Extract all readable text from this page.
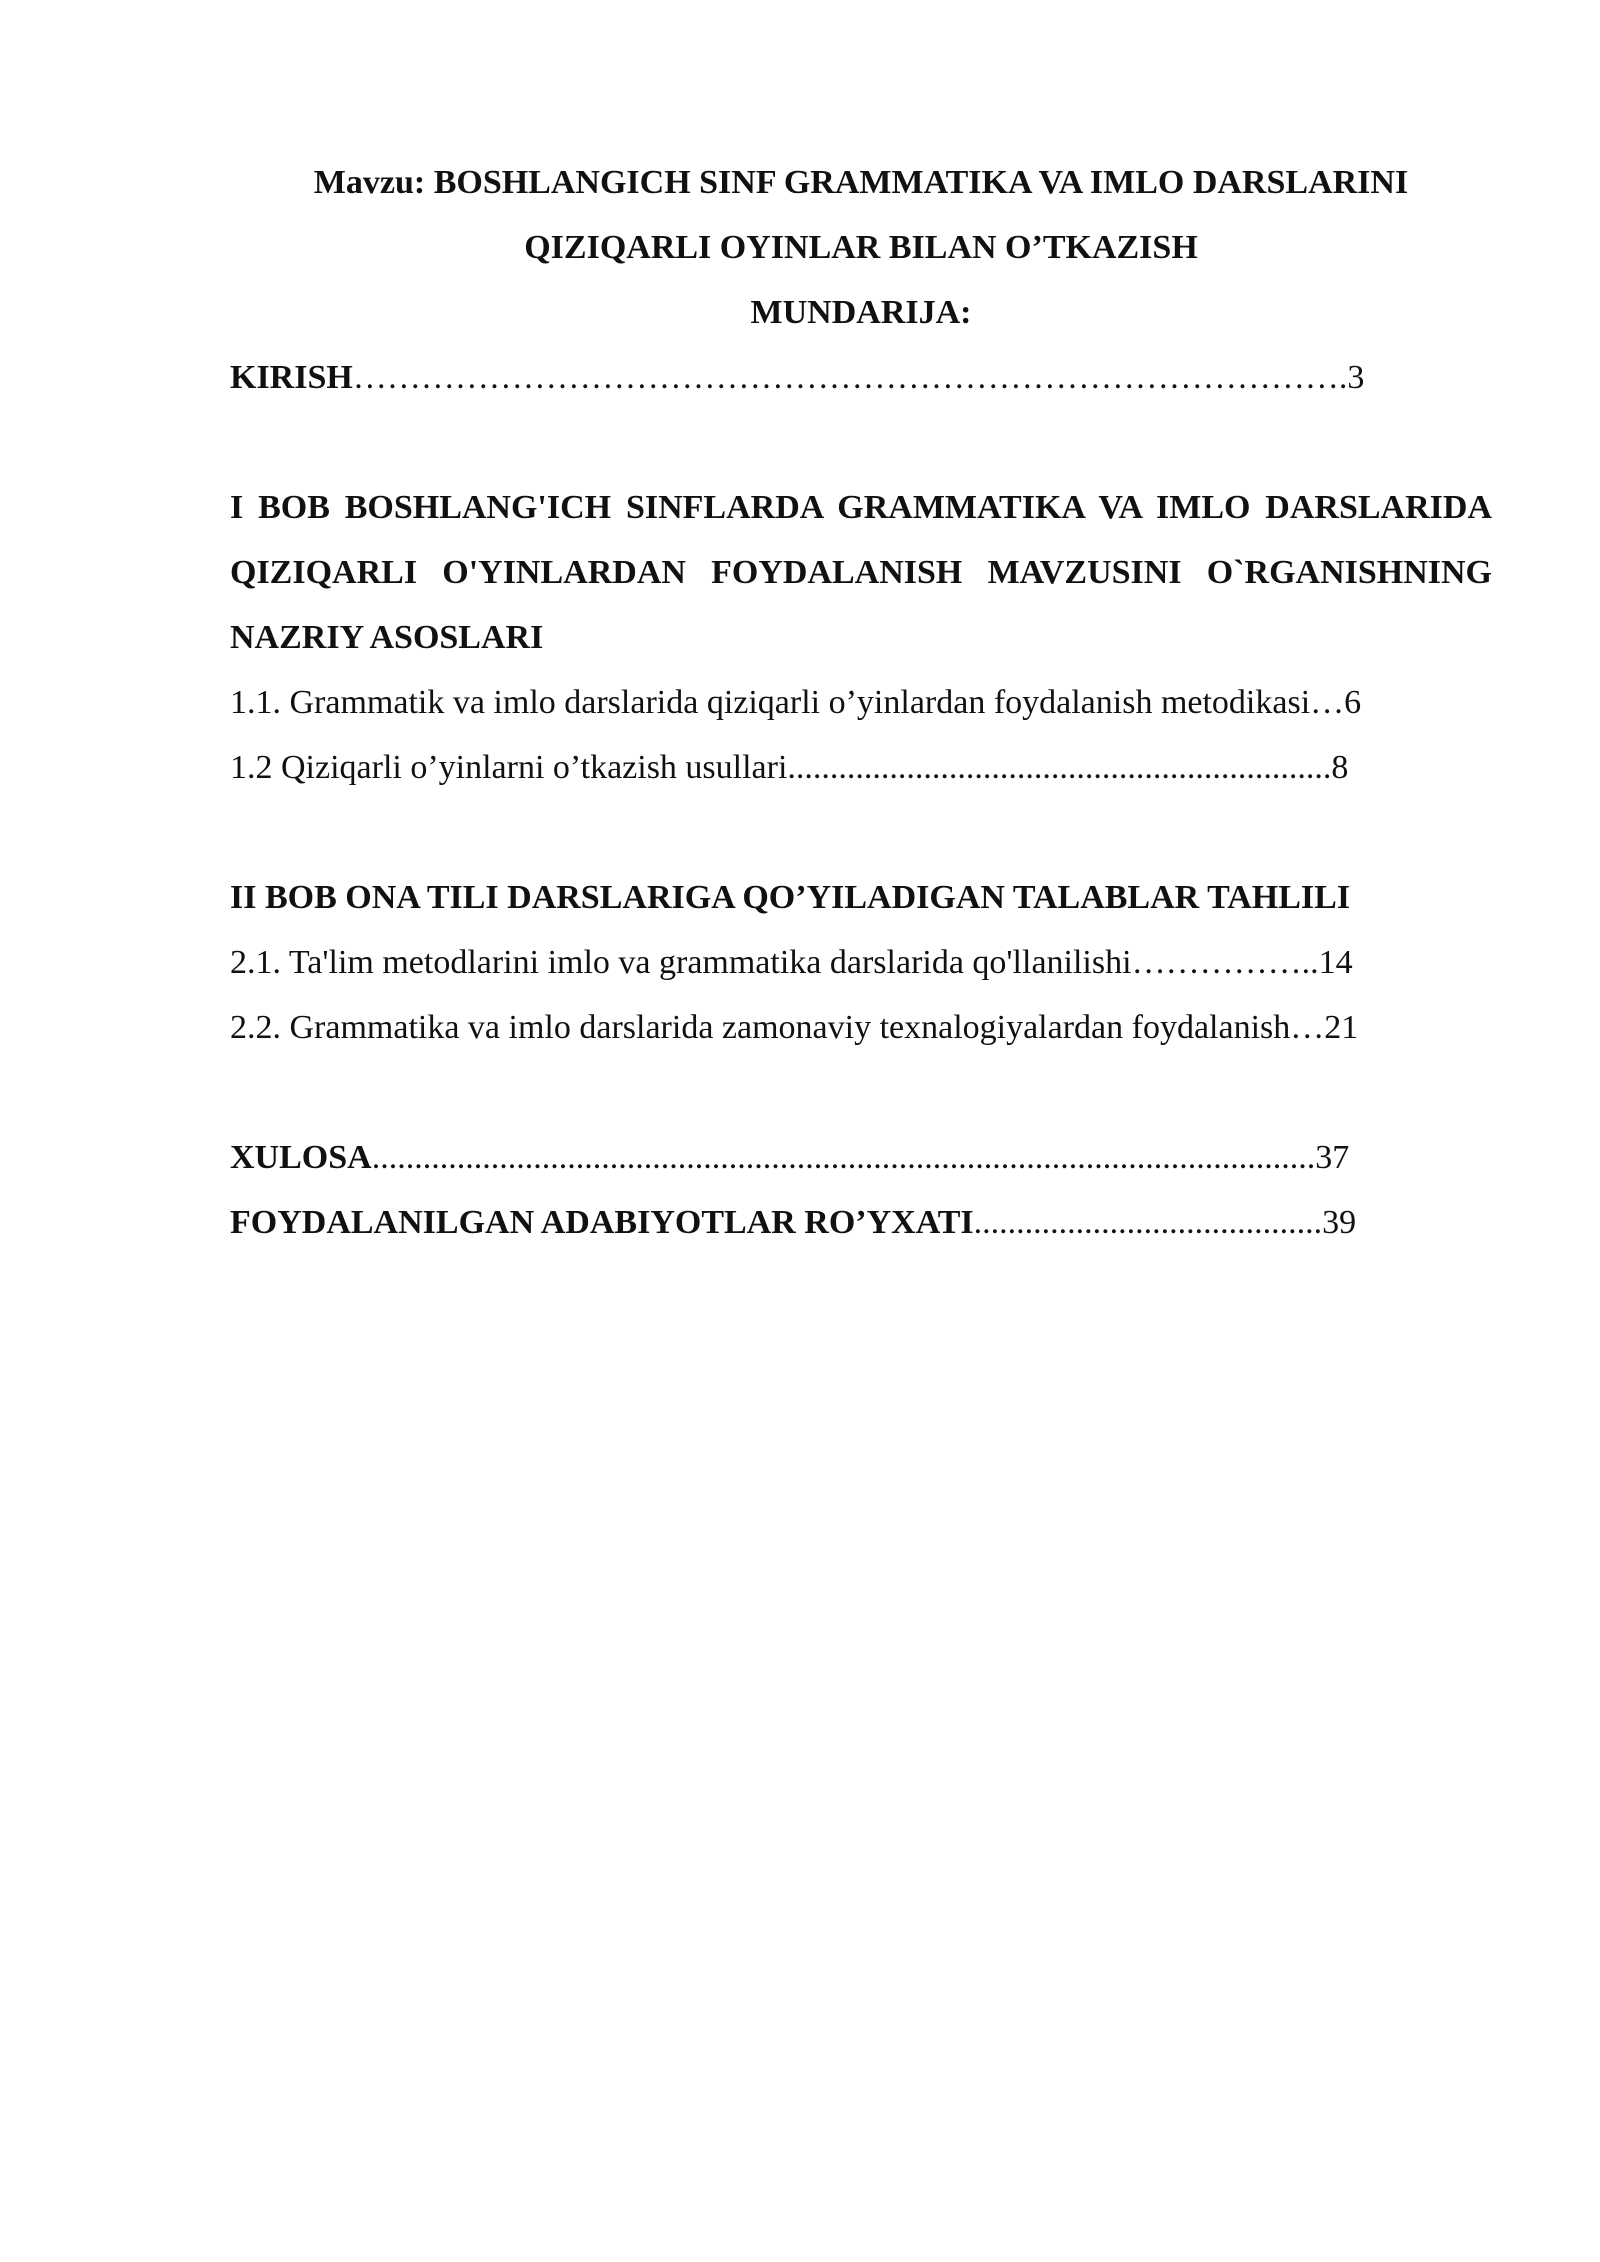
Mavzu: BOSHLANGICH SINF GRAMMATIKA VA IMLO DARSLARINI

QIZIQARLI OYINLAR BILAN O’TKAZISH

MUNDARIJA:

KIRISH…………………………………………………………………………….3

I BOB BOSHLANG'ICH SINFLARDA GRAMMATIKA VA IMLO DARSLARIDA QIZIQARLI O'YINLARDAN FOYDALANISH MAVZUSINI O`RGANISHNING NAZRIY ASOSLARI

1.1. Grammatik va imlo darslarida qiziqarli o’yinlardan foydalanish metodikasi…6

1.2 Qiziqarli o’yinlarni o’tkazish usullari................................................................8

II BOB ONA TILI DARSLARIGA QO’YILADIGAN TALABLAR TAHLILI

2.1. Ta'lim metodlarini imlo va grammatika darslarida qo'llanilishi……………..14

2.2. Grammatika va imlo darslarida zamonaviy texnalogiyalardan foydalanish…21

XULOSA...............................................................................................................37

FOYDALANILGAN ADABIYOTLAR RO’YXATI.........................................39
